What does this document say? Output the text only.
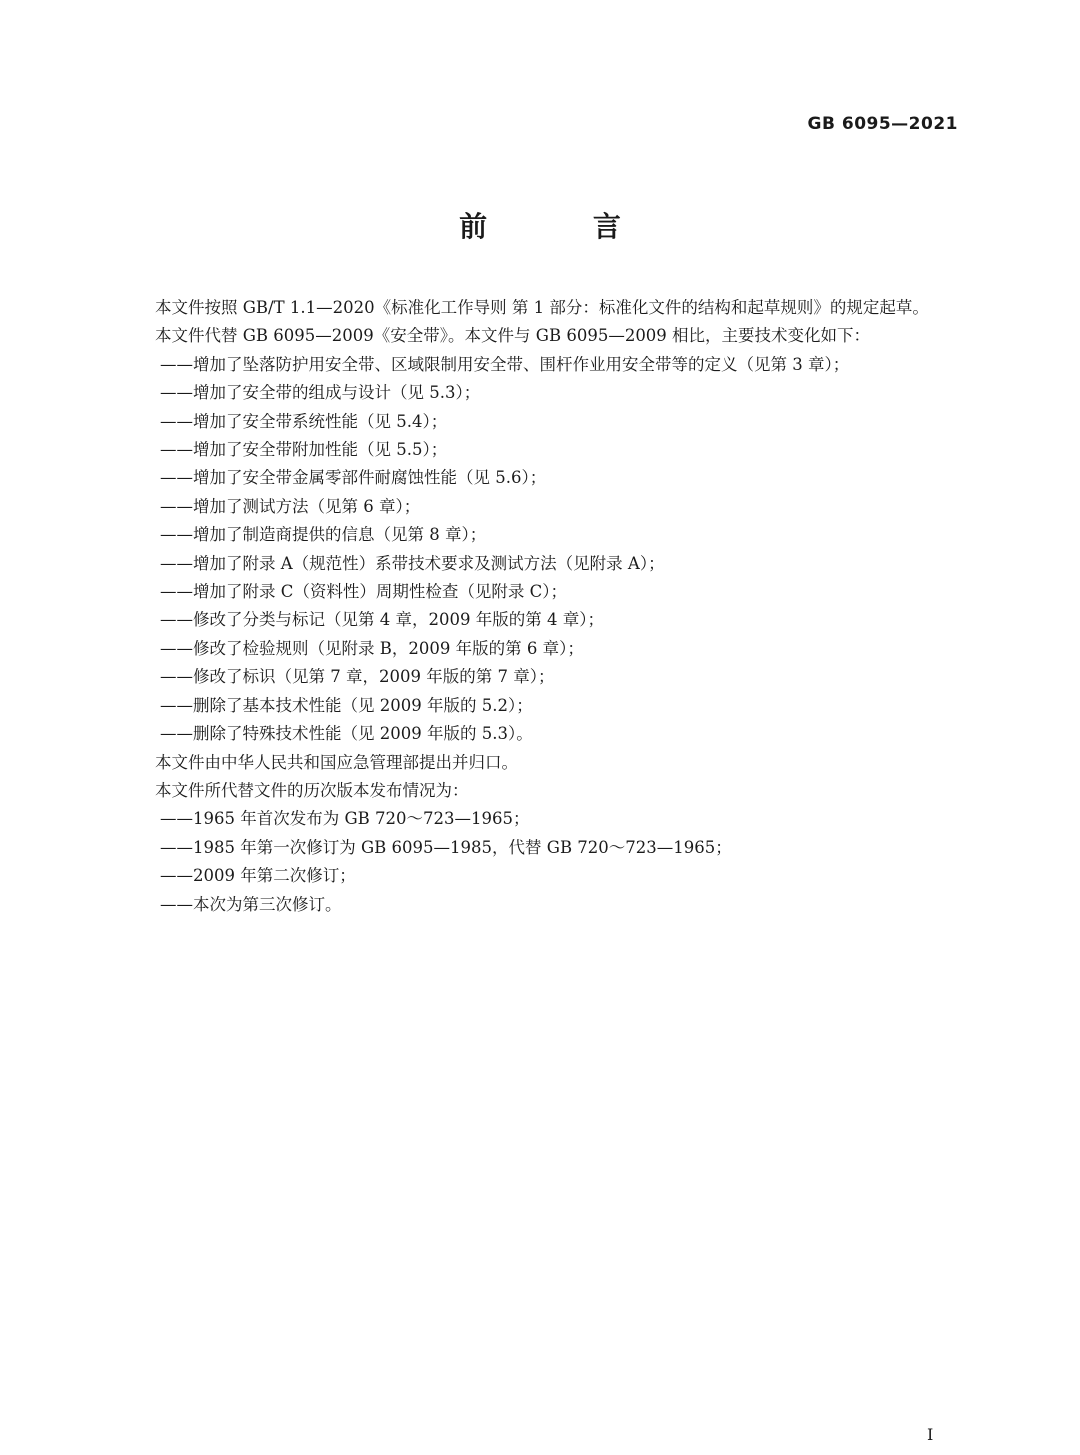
GB 6095—2021
前 言

本文件按照 GB/T 1.1—2020《标准化工作导则 第 1 部分：标准化文件的结构和起草规则》的规定起草。

本文件代替 GB 6095—2009《安全带》。本文件与 GB 6095—2009 相比，主要技术变化如下：

——增加了坠落防护用安全带、区域限制用安全带、围杆作业用安全带等的定义（见第 3 章）；

——增加了安全带的组成与设计（见 5.3）；

——增加了安全带系统性能（见 5.4）；

——增加了安全带附加性能（见 5.5）；

——增加了安全带金属零部件耐腐蚀性能（见 5.6）；

——增加了测试方法（见第 6 章）；

——增加了制造商提供的信息（见第 8 章）；

——增加了附录 A（规范性）系带技术要求及测试方法（见附录 A）；

——增加了附录 C（资料性）周期性检查（见附录 C）；

——修改了分类与标记（见第 4 章，2009 年版的第 4 章）；

——修改了检验规则（见附录 B，2009 年版的第 6 章）；

——修改了标识（见第 7 章，2009 年版的第 7 章）；

——删除了基本技术性能（见 2009 年版的 5.2）；

——删除了特殊技术性能（见 2009 年版的 5.3）。

本文件由中华人民共和国应急管理部提出并归口。

本文件所代替文件的历次版本发布情况为：

——1965 年首次发布为 GB 720～723—1965；

——1985 年第一次修订为 GB 6095—1985，代替 GB 720～723—1965；

——2009 年第二次修订；

——本次为第三次修订。

I
